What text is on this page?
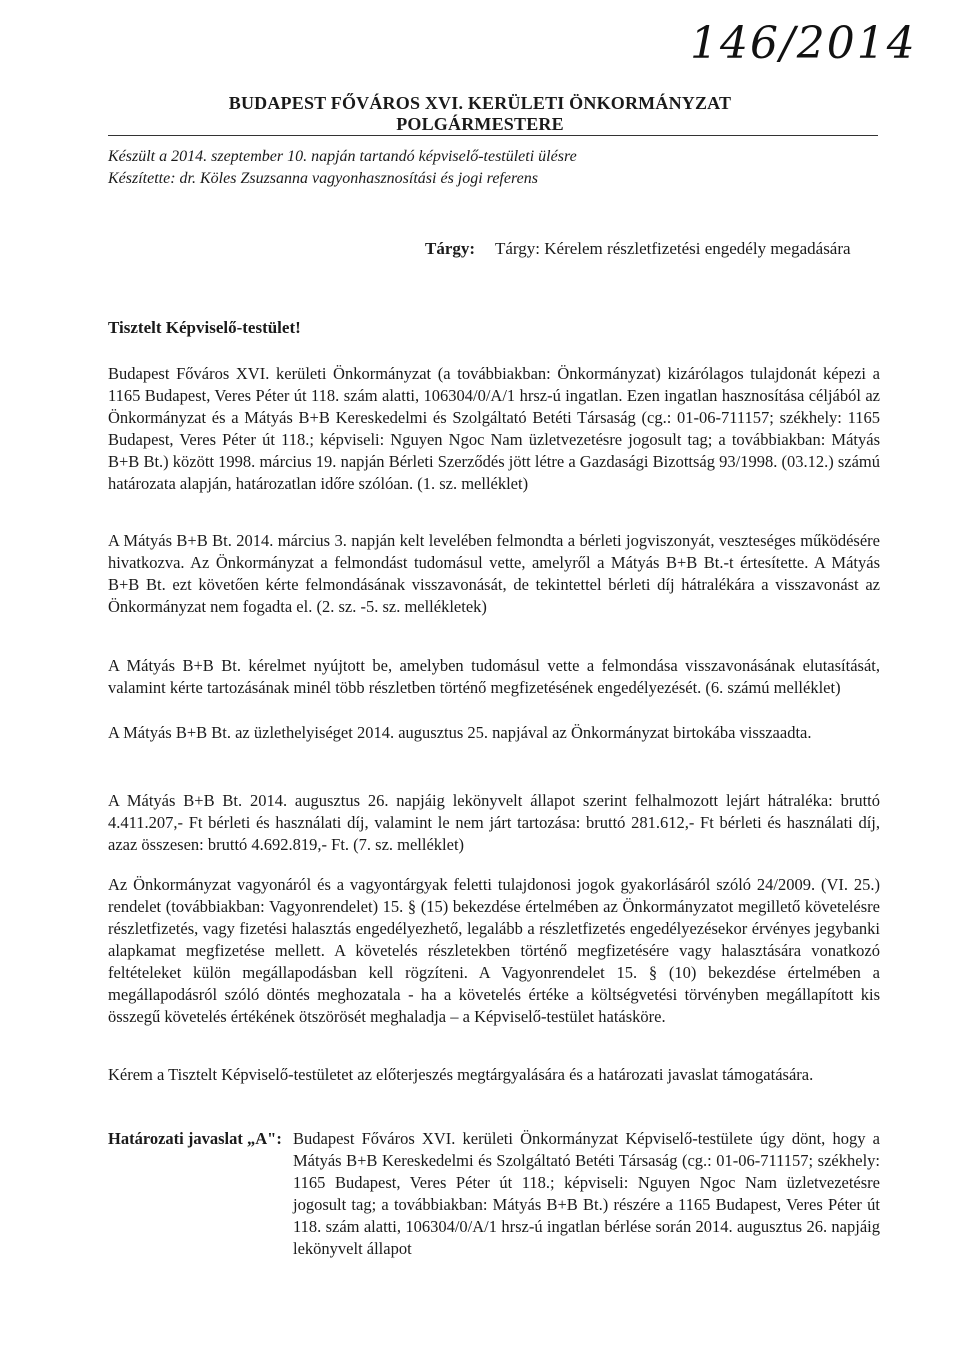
146/2014
BUDAPEST FŐVÁROS XVI. KERÜLETI ÖNKORMÁNYZAT
POLGÁRMESTERE
Készült a 2014. szeptember 10. napján tartandó képviselő-testületi ülésre
Készítette: dr. Köles Zsuzsanna vagyonhasznosítási és jogi referens
Tárgy: Tárgy: Kérelem részletfizetési engedély megadására
Tisztelt Képviselő-testület!
Budapest Főváros XVI. kerületi Önkormányzat (a továbbiakban: Önkormányzat) kizárólagos tulajdonát képezi a 1165 Budapest, Veres Péter út 118. szám alatti, 106304/0/A/1 hrsz-ú ingatlan. Ezen ingatlan hasznosítása céljából az Önkormányzat és a Mátyás B+B Kereskedelmi és Szolgáltató Betéti Társaság (cg.: 01-06-711157; székhely: 1165 Budapest, Veres Péter út 118.; képviseli: Nguyen Ngoc Nam üzletvezetésre jogosult tag; a továbbiakban: Mátyás B+B Bt.) között 1998. március 19. napján Bérleti Szerződés jött létre a Gazdasági Bizottság 93/1998. (03.12.) számú határozata alapján, határozatlan időre szólóan. (1. sz. melléklet)
A Mátyás B+B Bt. 2014. március 3. napján kelt levelében felmondta a bérleti jogviszonyát, veszteséges működésére hivatkozva. Az Önkormányzat a felmondást tudomásul vette, amelyről a Mátyás B+B Bt.-t értesítette. A Mátyás B+B Bt. ezt követően kérte felmondásának visszavonását, de tekintettel bérleti díj hátralékára a visszavonást az Önkormányzat nem fogadta el. (2. sz. -5. sz. mellékletek)
A Mátyás B+B Bt. kérelmet nyújtott be, amelyben tudomásul vette a felmondása visszavonásának elutasítását, valamint kérte tartozásának minél több részletben történő megfizetésének engedélyezését. (6. számú melléklet)
A Mátyás B+B Bt. az üzlethelyiséget 2014. augusztus 25. napjával az Önkormányzat birtokába visszaadta.
A Mátyás B+B Bt. 2014. augusztus 26. napjáig lekönyvelt állapot szerint felhalmozott lejárt hátraléka: bruttó 4.411.207,- Ft bérleti és használati díj, valamint le nem járt tartozása: bruttó 281.612,- Ft bérleti és használati díj, azaz összesen: bruttó 4.692.819,- Ft. (7. sz. melléklet)
Az Önkormányzat vagyonáról és a vagyontárgyak feletti tulajdonosi jogok gyakorlásáról szóló 24/2009. (VI. 25.) rendelet (továbbiakban: Vagyonrendelet) 15. § (15) bekezdése értelmében az Önkormányzatot megillető követelésre részletfizetés, vagy fizetési halasztás engedélyezhető, legalább a részletfizetés engedélyezésekor érvényes jegybanki alapkamat megfizetése mellett. A követelés részletekben történő megfizetésére vagy halasztására vonatkozó feltételeket külön megállapodásban kell rögzíteni. A Vagyonrendelet 15. § (10) bekezdése értelmében a megállapodásról szóló döntés meghozatala - ha a követelés értéke a költségvetési törvényben megállapított kis összegű követelés értékének ötszörösét meghaladja – a Képviselő-testület hatásköre.
Kérem a Tisztelt Képviselő-testületet az előterjeszés megtárgyalására és a határozati javaslat támogatására.
Határozati javaslat „A": Budapest Főváros XVI. kerületi Önkormányzat Képviselő-testülete úgy dönt, hogy a Mátyás B+B Kereskedelmi és Szolgáltató Betéti Társaság (cg.: 01-06-711157; székhely: 1165 Budapest, Veres Péter út 118.; képviseli: Nguyen Ngoc Nam üzletvezetésre jogosult tag; a továbbiakban: Mátyás B+B Bt.) részére a 1165 Budapest, Veres Péter út 118. szám alatti, 106304/0/A/1 hrsz-ú ingatlan bérlése során 2014. augusztus 26. napjáig lekönyvelt állapot
